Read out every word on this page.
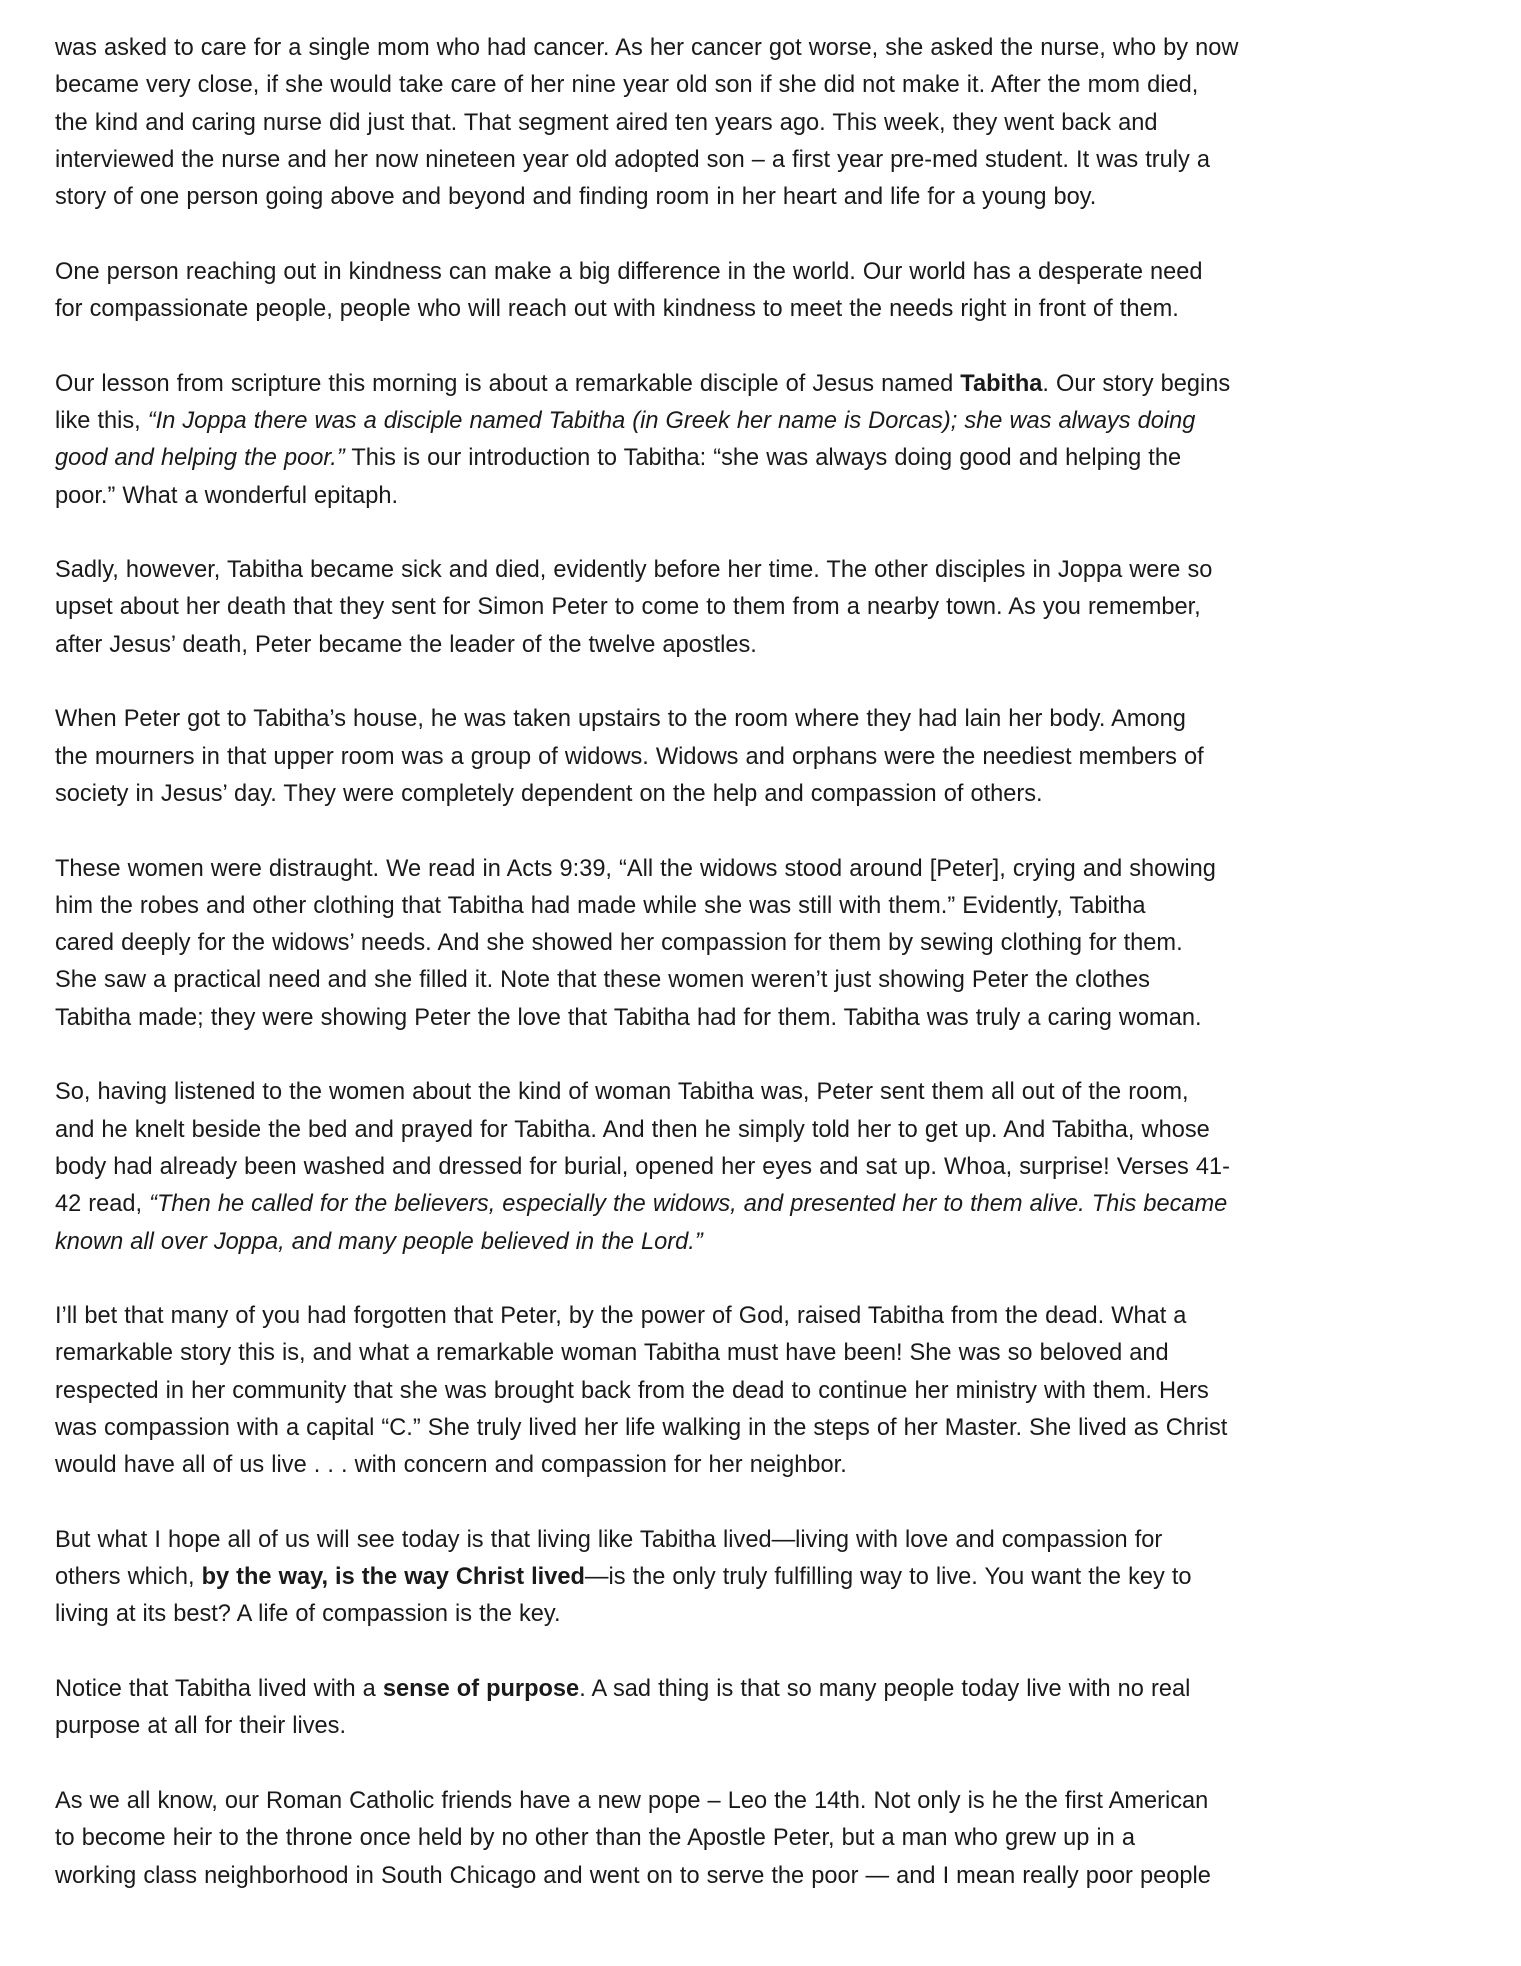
was asked to care for a single mom who had cancer. As her cancer got worse, she asked the nurse, who by now
became very close, if she would take care of her nine year old son if she did not make it. After the mom died,
the kind and caring nurse did just that. That segment aired ten years ago. This week, they went back and
interviewed the nurse and her now nineteen year old adopted son – a first year pre-med student. It was truly a
story of one person going above and beyond and finding room in her heart and life for a young boy.

One person reaching out in kindness can make a big difference in the world. Our world has a desperate need
for compassionate people, people who will reach out with kindness to meet the needs right in front of them.

Our lesson from scripture this morning is about a remarkable disciple of Jesus named Tabitha. Our story begins
like this, “In Joppa there was a disciple named Tabitha (in Greek her name is Dorcas); she was always doing
good and helping the poor.” This is our introduction to Tabitha: “she was always doing good and helping the
poor.” What a wonderful epitaph.

Sadly, however, Tabitha became sick and died, evidently before her time. The other disciples in Joppa were so
upset about her death that they sent for Simon Peter to come to them from a nearby town. As you remember,
after Jesus’ death, Peter became the leader of the twelve apostles.

When Peter got to Tabitha’s house, he was taken upstairs to the room where they had lain her body. Among
the mourners in that upper room was a group of widows. Widows and orphans were the neediest members of
society in Jesus’ day. They were completely dependent on the help and compassion of others.

These women were distraught. We read in Acts 9:39, “All the widows stood around [Peter], crying and showing
him the robes and other clothing that Tabitha had made while she was still with them.” Evidently, Tabitha
cared deeply for the widows’ needs. And she showed her compassion for them by sewing clothing for them.
She saw a practical need and she filled it. Note that these women weren’t just showing Peter the clothes
Tabitha made; they were showing Peter the love that Tabitha had for them. Tabitha was truly a caring woman.

So, having listened to the women about the kind of woman Tabitha was, Peter sent them all out of the room,
and he knelt beside the bed and prayed for Tabitha. And then he simply told her to get up. And Tabitha, whose
body had already been washed and dressed for burial, opened her eyes and sat up. Whoa, surprise! Verses 41-
42 read, “Then he called for the believers, especially the widows, and presented her to them alive. This became
known all over Joppa, and many people believed in the Lord.”

I’ll bet that many of you had forgotten that Peter, by the power of God, raised Tabitha from the dead. What a
remarkable story this is, and what a remarkable woman Tabitha must have been! She was so beloved and
respected in her community that she was brought back from the dead to continue her ministry with them. Hers
was compassion with a capital “C.” She truly lived her life walking in the steps of her Master. She lived as Christ
would have all of us live . . . with concern and compassion for her neighbor.

But what I hope all of us will see today is that living like Tabitha lived—living with love and compassion for
others which, by the way, is the way Christ lived—is the only truly fulfilling way to live. You want the key to
living at its best? A life of compassion is the key.

Notice that Tabitha lived with a sense of purpose. A sad thing is that so many people today live with no real
purpose at all for their lives.

As we all know, our Roman Catholic friends have a new pope – Leo the 14th. Not only is he the first American
to become heir to the throne once held by no other than the Apostle Peter, but a man who grew up in a
working class neighborhood in South Chicago and went on to serve the poor — and I mean really poor people
